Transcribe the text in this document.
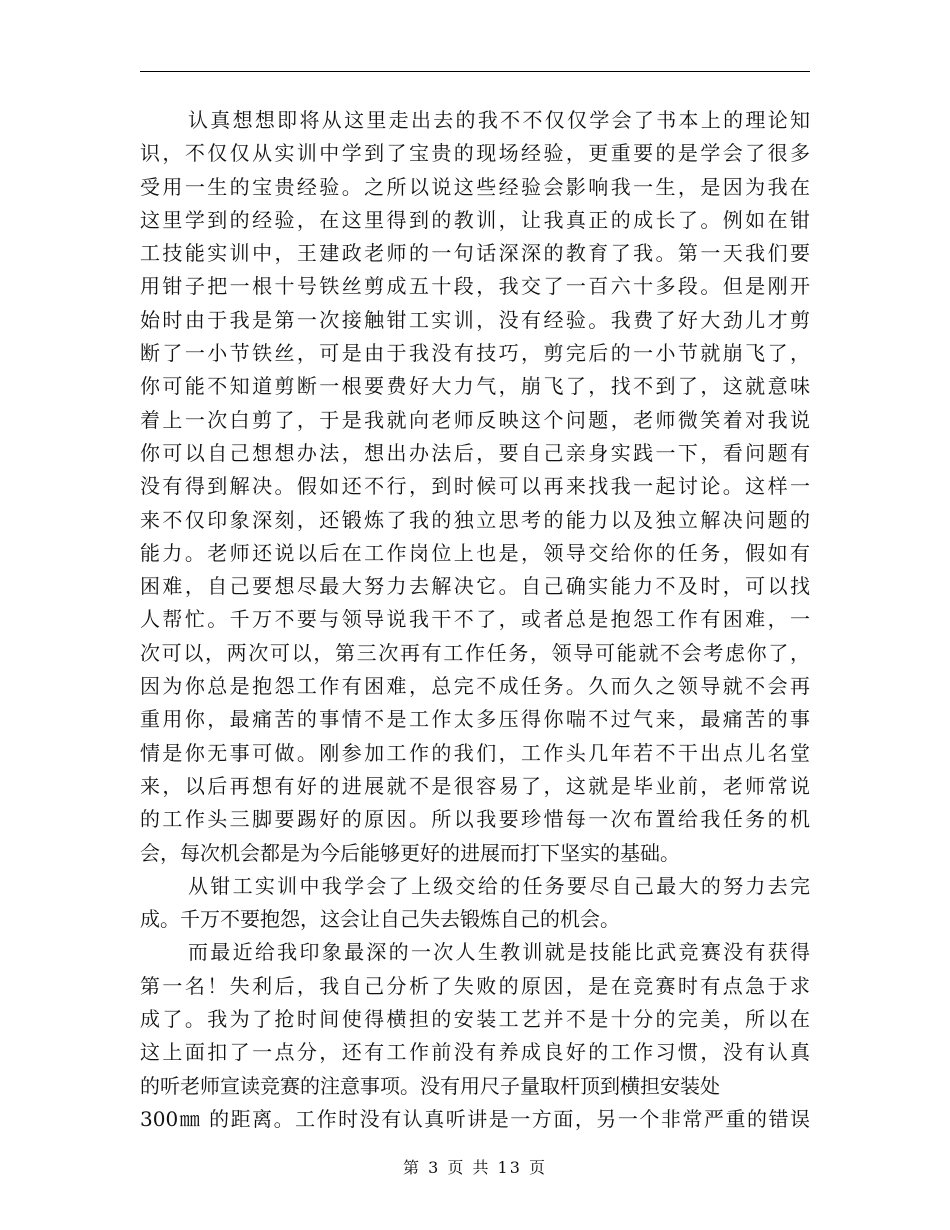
认真想想即将从这里走出去的我不不仅仅学会了书本上的理论知
识，不仅仅从实训中学到了宝贵的现场经验，更重要的是学会了很多
受用一生的宝贵经验。之所以说这些经验会影响我一生，是因为我在
这里学到的经验，在这里得到的教训，让我真正的成长了。例如在钳
工技能实训中，王建政老师的一句话深深的教育了我。第一天我们要
用钳子把一根十号铁丝剪成五十段，我交了一百六十多段。但是刚开
始时由于我是第一次接触钳工实训，没有经验。我费了好大劲儿才剪
断了一小节铁丝，可是由于我没有技巧，剪完后的一小节就崩飞了，
你可能不知道剪断一根要费好大力气，崩飞了，找不到了，这就意味
着上一次白剪了，于是我就向老师反映这个问题，老师微笑着对我说
你可以自己想想办法，想出办法后，要自己亲身实践一下，看问题有
没有得到解决。假如还不行，到时候可以再来找我一起讨论。这样一
来不仅印象深刻，还锻炼了我的独立思考的能力以及独立解决问题的
能力。老师还说以后在工作岗位上也是，领导交给你的任务，假如有
困难，自己要想尽最大努力去解决它。自己确实能力不及时，可以找
人帮忙。千万不要与领导说我干不了，或者总是抱怨工作有困难，一
次可以，两次可以，第三次再有工作任务，领导可能就不会考虑你了，
因为你总是抱怨工作有困难，总完不成任务。久而久之领导就不会再
重用你，最痛苦的事情不是工作太多压得你喘不过气来，最痛苦的事
情是你无事可做。刚参加工作的我们，工作头几年若不干出点儿名堂
来，以后再想有好的进展就不是很容易了，这就是毕业前，老师常说
的工作头三脚要踢好的原因。所以我要珍惜每一次布置给我任务的机
会，每次机会都是为今后能够更好的进展而打下坚实的基础。
从钳工实训中我学会了上级交给的任务要尽自己最大的努力去完
成。千万不要抱怨，这会让自己失去锻炼自己的机会。
而最近给我印象最深的一次人生教训就是技能比武竞赛没有获得
第一名！失利后，我自己分析了失败的原因，是在竞赛时有点急于求
成了。我为了抢时间使得横担的安装工艺并不是十分的完美，所以在
这上面扣了一点分，还有工作前没有养成良好的工作习惯，没有认真
的听老师宣读竞赛的注意事项。没有用尺子量取杆顶到横担安装处
300㎜ 的距离。工作时没有认真听讲是一方面，另一个非常严重的错误
第 3 页 共 13 页
